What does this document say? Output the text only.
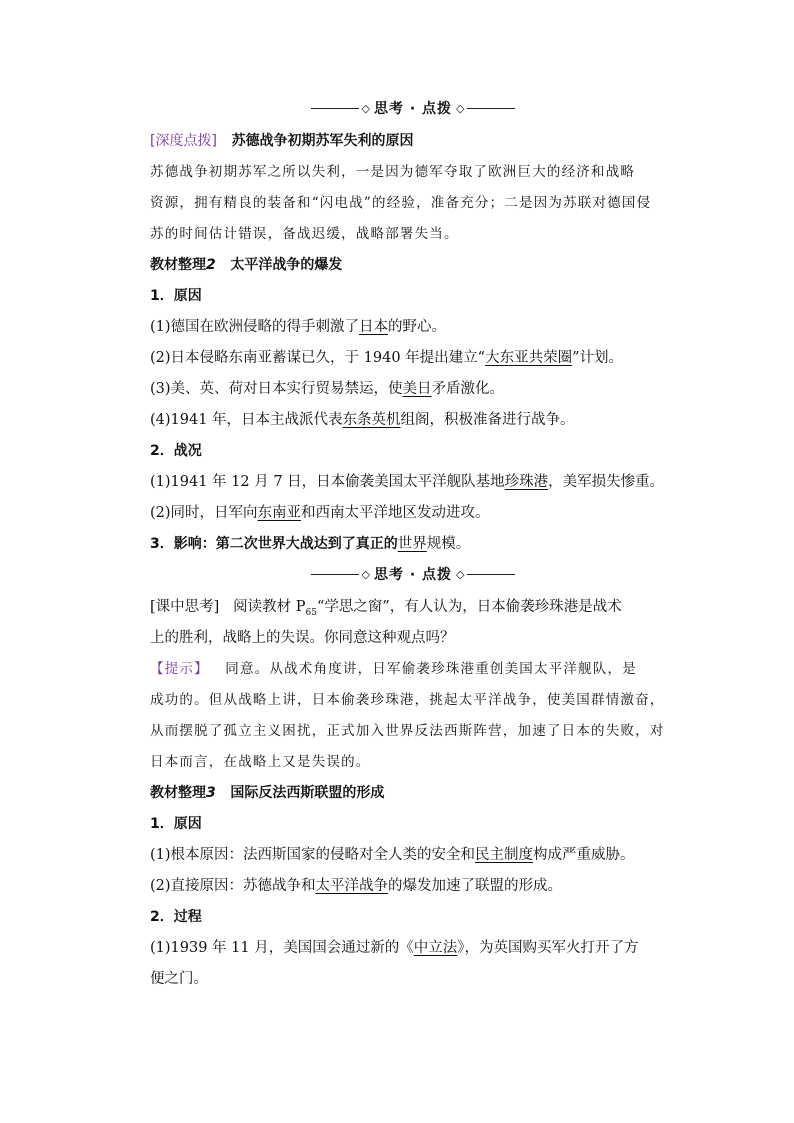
◇ 思考 · 点拨 ◇
[深度点拨] 苏德战争初期苏军失利的原因
苏德战争初期苏军之所以失利，一是因为德军夺取了欧洲巨大的经济和战略
资源，拥有精良的装备和“闪电战”的经验，准备充分；二是因为苏联对德国侵
苏的时间估计错误，备战迟缓，战略部署失当。
教材整理2 太平洋战争的爆发
1．原因
(1)德国在欧洲侵略的得手刺激了日本的野心。
(2)日本侵略东南亚蓄谋已久，于 1940 年提出建立“大东亚共荣圈”计划。
(3)美、英、荷对日本实行贸易禁运，使美日矛盾激化。
(4)1941 年，日本主战派代表东条英机组阁，积极准备进行战争。
2．战况
(1)1941 年 12 月 7 日，日本偷袭美国太平洋舰队基地珍珠港，美军损失惨重。
(2)同时，日军向东南亚和西南太平洋地区发动进攻。
3．影响：第二次世界大战达到了真正的世界规模。
◇ 思考 · 点拨 ◇
[课中思考] 阅读教材 $P_{65}“$学思之窗”，有人认为，日本偷袭珍珠港是战术
上的胜利，战略上的失误。你同意这种观点吗？
【提示】 同意。从战术角度讲，日军偷袭珍珠港重创美国太平洋舰队，是
成功的。但从战略上讲，日本偷袭珍珠港，挑起太平洋战争，使美国群情激奋，
从而摆脱了孤立主义困扰，正式加入世界反法西斯阵营，加速了日本的失败，对
日本而言，在战略上又是失误的。
教材整理3 国际反法西斯联盟的形成
1．原因
(1)根本原因：法西斯国家的侵略对全人类的安全和民主制度构成严重威胁。
(2)直接原因：苏德战争和太平洋战争的爆发加速了联盟的形成。
2．过程
(1)1939 年 11 月，美国国会通过新的《中立法》，为英国购买军火打开了方
便之门。
